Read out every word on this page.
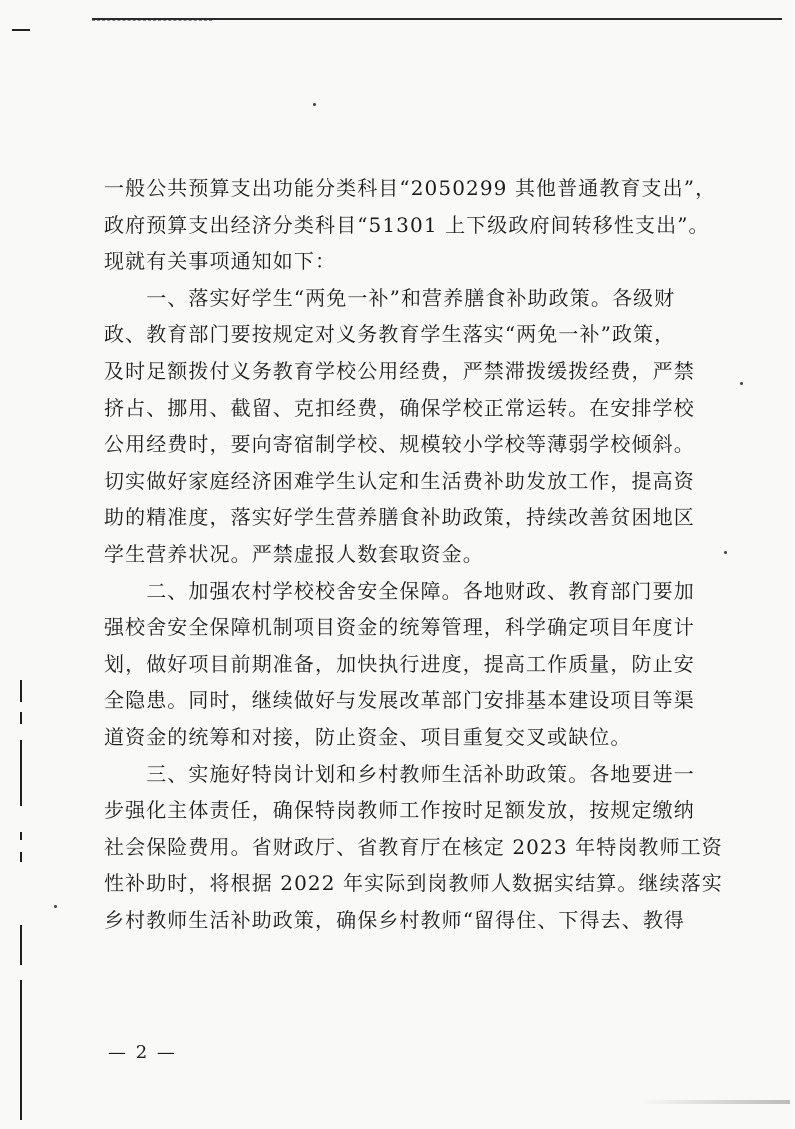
一般公共预算支出功能分类科目“2050299 其他普通教育支出”，
政府预算支出经济分类科目“51301 上下级政府间转移性支出”。
现就有关事项通知如下：
　　一、落实好学生“两免一补”和营养膳食补助政策。各级财
政、教育部门要按规定对义务教育学生落实“两免一补”政策，
及时足额拨付义务教育学校公用经费，严禁滞拨缓拨经费，严禁
挤占、挪用、截留、克扣经费，确保学校正常运转。在安排学校
公用经费时，要向寄宿制学校、规模较小学校等薄弱学校倾斜。
切实做好家庭经济困难学生认定和生活费补助发放工作，提高资
助的精准度，落实好学生营养膳食补助政策，持续改善贫困地区
学生营养状况。严禁虚报人数套取资金。
　　二、加强农村学校校舍安全保障。各地财政、教育部门要加
强校舍安全保障机制项目资金的统筹管理，科学确定项目年度计
划，做好项目前期准备，加快执行进度，提高工作质量，防止安
全隐患。同时，继续做好与发展改革部门安排基本建设项目等渠
道资金的统筹和对接，防止资金、项目重复交叉或缺位。
　　三、实施好特岗计划和乡村教师生活补助政策。各地要进一
步强化主体责任，确保特岗教师工作按时足额发放，按规定缴纳
社会保险费用。省财政厅、省教育厅在核定 2023 年特岗教师工资
性补助时，将根据 2022 年实际到岗教师人数据实结算。继续落实
乡村教师生活补助政策，确保乡村教师“留得住、下得去、教得
— 2 —
